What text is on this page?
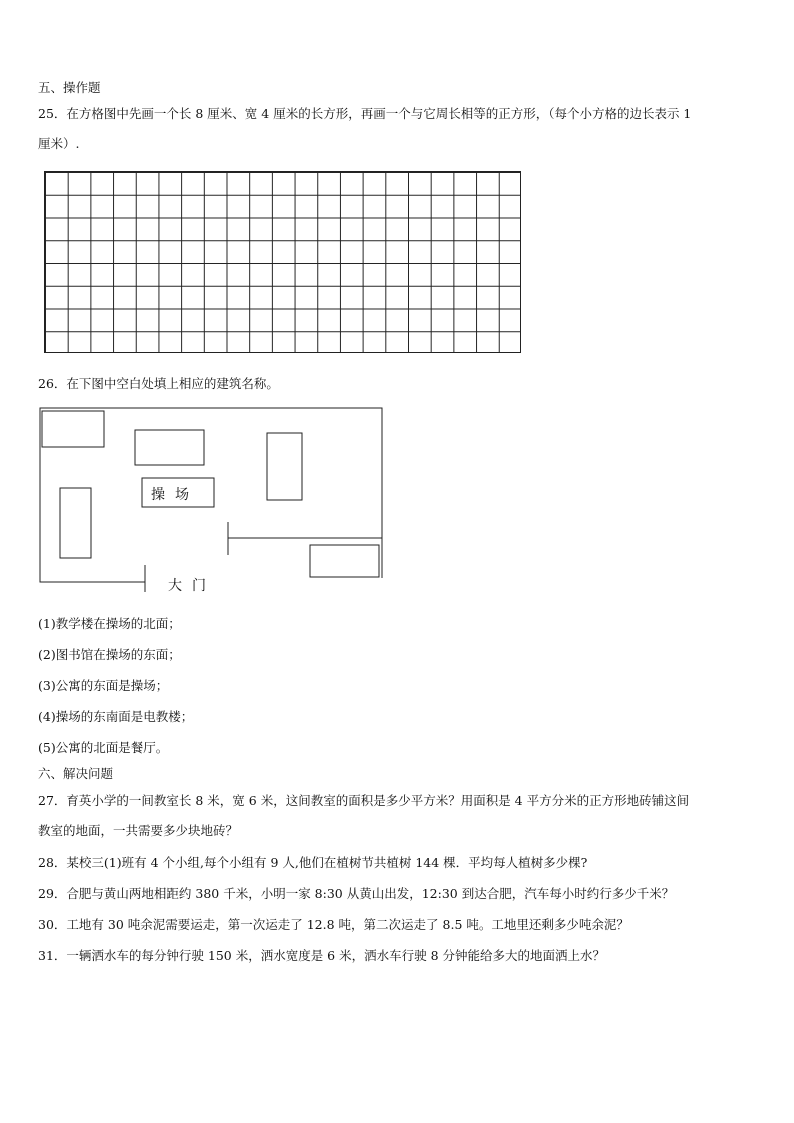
五、操作题
25．在方格图中先画一个长 8 厘米、宽 4 厘米的长方形，再画一个与它周长相等的正方形，（每个小方格的边长表示 1
厘米）.
26．在下图中空白处填上相应的建筑名称。
操场
大门
(1)教学楼在操场的北面；
(2)图书馆在操场的东面；
(3)公寓的东面是操场；
(4)操场的东南面是电教楼；
(5)公寓的北面是餐厅。
六、解决问题
27．育英小学的一间教室长 8 米，宽 6 米，这间教室的面积是多少平方米？用面积是 4 平方分米的正方形地砖铺这间
教室的地面，一共需要多少块地砖？
28．某校三(1)班有 4 个小组,每个小组有 9 人,他们在植树节共植树 144 棵．平均每人植树多少棵?
29．合肥与黄山两地相距约 380 千米，小明一家 8:30 从黄山出发，12:30 到达合肥，汽车每小时约行多少千米？
30．工地有 30 吨余泥需要运走，第一次运走了 12.8 吨，第二次运走了 8.5 吨。工地里还剩多少吨余泥？
31．一辆洒水车的每分钟行驶 150 米，洒水宽度是 6 米，洒水车行驶 8 分钟能给多大的地面洒上水？
